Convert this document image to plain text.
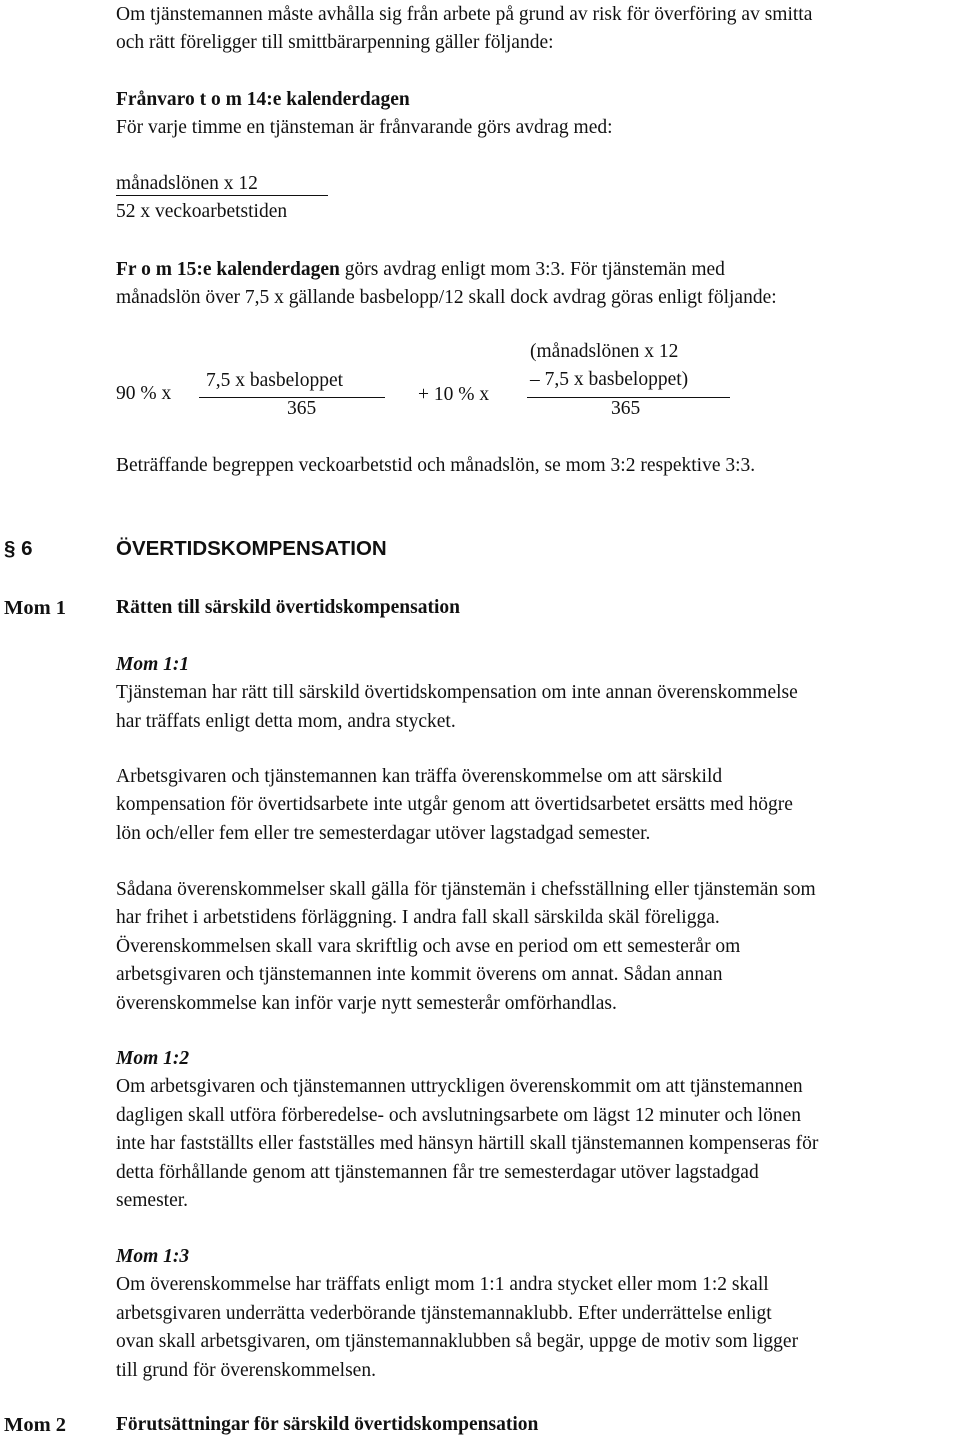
Om tjänstemannen måste avhålla sig från arbete på grund av risk för överföring av smitta

och rätt föreligger till smittbärarpenning gäller följande:

Frånvaro t o m 14:e kalenderdagen

För varje timme en tjänsteman är frånvarande görs avdrag med:

månadslönen x 12
52 x veckoarbetstiden

Fr o m 15:e kalenderdagen görs avdrag enligt mom 3:3. För tjänstemän med

månadslön över 7,5 x gällande basbelopp/12 skall dock avdrag göras enligt följande:

90 % x
7,5 x basbeloppet
365
+ 10 % x
(månadslönen x 12
– 7,5 x basbeloppet)
365
Beträffande begreppen veckoarbetstid och månadslön, se mom 3:2 respektive 3:3.
§ 6	ÖVERTIDSKOMPENSATION
Mom 1	Rätten till särskild övertidskompensation

Mom 1:1

Tjänsteman har rätt till särskild övertidskompensation om inte annan överenskommelse

har träffats enligt detta mom, andra stycket.

Arbetsgivaren och tjänstemannen kan träffa överenskommelse om att särskild

kompensation för övertidsarbete inte utgår genom att övertidsarbetet ersätts med högre

lön och/eller fem eller tre semesterdagar utöver lagstadgad semester.

Sådana överenskommelser skall gälla för tjänstemän i chefsställning eller tjänstemän som

har frihet i arbetstidens förläggning. I andra fall skall särskilda skäl föreligga.

Överenskommelsen skall vara skriftlig och avse en period om ett semesterår om

arbetsgivaren och tjänstemannen inte kommit överens om annat. Sådan annan

överenskommelse kan inför varje nytt semesterår omförhandlas.

Mom 1:2

Om arbetsgivaren och tjänstemannen uttryckligen överenskommit om att tjänstemannen

dagligen skall utföra förberedelse- och avslutningsarbete om lägst 12 minuter och lönen

inte har fastställts eller fastställes med hänsyn härtill skall tjänstemannen kompenseras för

detta förhållande genom att tjänstemannen får tre semesterdagar utöver lagstadgad

semester.

Mom 1:3

Om överenskommelse har träffats enligt mom 1:1 andra stycket eller mom 1:2 skall

arbetsgivaren underrätta vederbörande tjänstemannaklubb. Efter underrättelse enligt

ovan skall arbetsgivaren, om tjänstemannaklubben så begär, uppge de motiv som ligger

till grund för överenskommelsen.

Mom 2	Förutsättningar för särskild övertidskompensation
